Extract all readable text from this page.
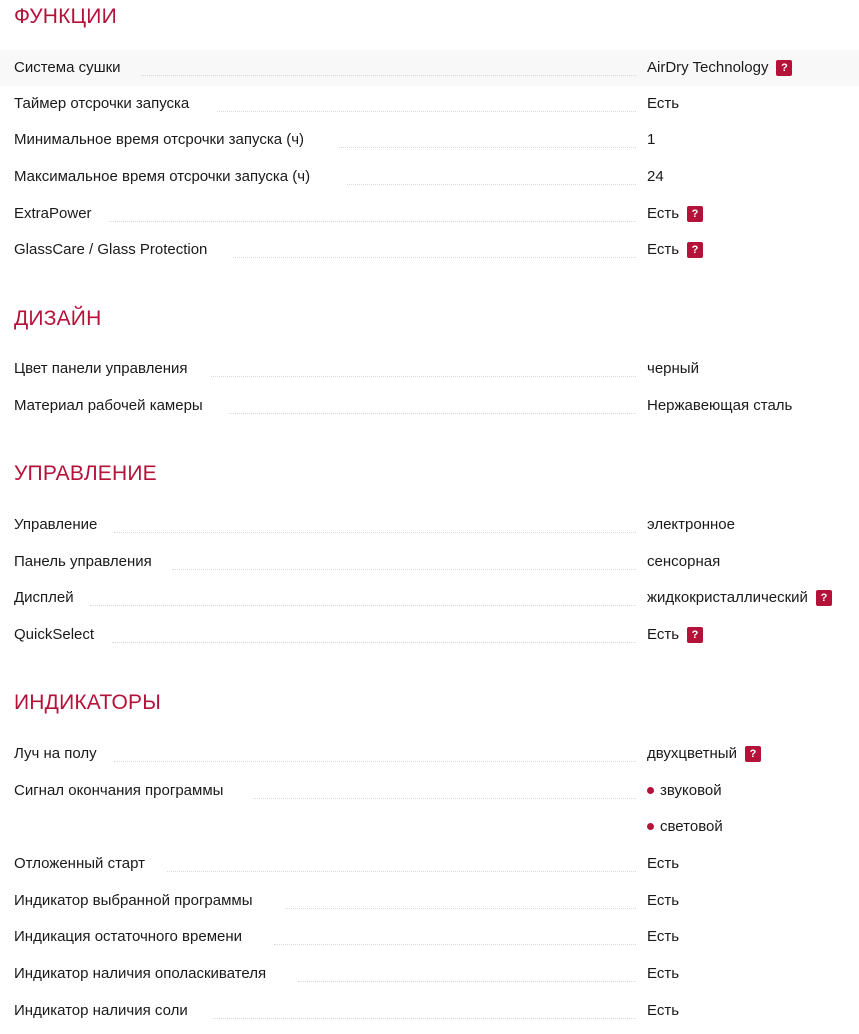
ФУНКЦИИ
Система сушки	AirDry Technology	?
Таймер отсрочки запуска	Есть
Минимальное время отсрочки запуска (ч)	1
Максимальное время отсрочки запуска (ч)	24
ExtraPower	Есть	?
GlassCare / Glass Protection	Есть	?
ДИЗАЙН
Цвет панели управления	черный
Материал рабочей камеры	Нержавеющая сталь
УПРАВЛЕНИЕ
Управление	электронное
Панель управления	сенсорная
Дисплей	жидкокристаллический	?
QuickSelect	Есть	?
ИНДИКАТОРЫ
Луч на полу	двухцветный	?
Сигнал окончания программы	звуковой
световой
Отложенный старт	Есть
Индикатор выбранной программы	Есть
Индикация остаточного времени	Есть
Индикатор наличия ополаскивателя	Есть
Индикатор наличия соли	Есть
